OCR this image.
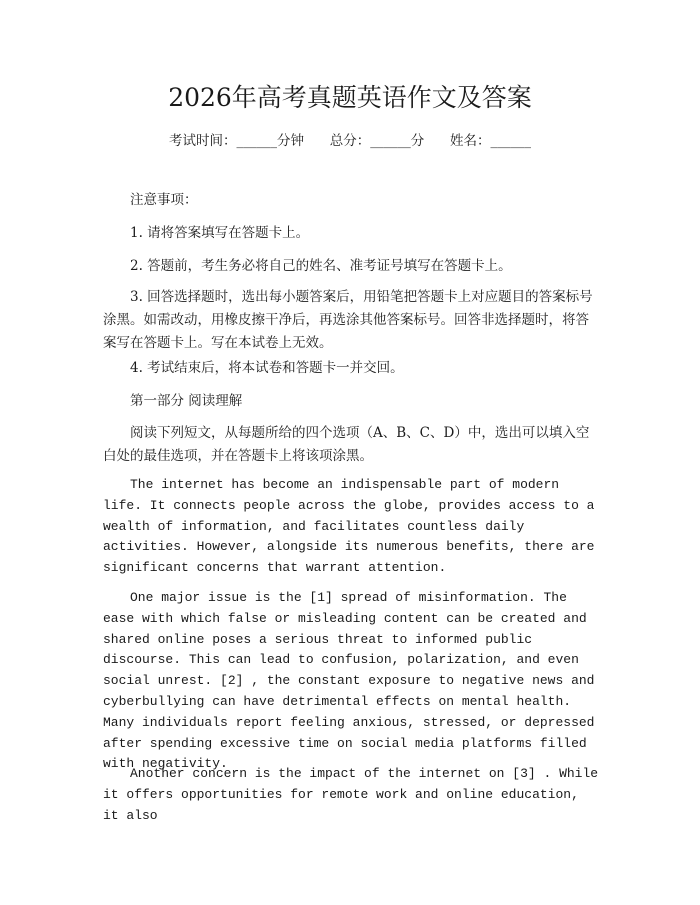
2026年高考真题英语作文及答案
考试时间：______分钟      总分：______分      姓名：______

注意事项：

1. 请将答案填写在答题卡上。

2. 答题前，考生务必将自己的姓名、准考证号填写在答题卡上。

3. 回答选择题时，选出每小题答案后，用铅笔把答题卡上对应题目的答案标号涂黑。如需改动，用橡皮擦干净后，再选涂其他答案标号。回答非选择题时，将答案写在答题卡上。写在本试卷上无效。

4. 考试结束后，将本试卷和答题卡一并交回。

第一部分 阅读理解

阅读下列短文，从每题所给的四个选项（A、B、C、D）中，选出可以填入空白处的最佳选项，并在答题卡上将该项涂黑。

The internet has become an indispensable part of modern life. It connects people across the globe, provides access to a wealth of information, and facilitates countless daily activities. However, alongside its numerous benefits, there are significant concerns that warrant attention.

One major issue is the [1] spread of misinformation. The ease with which false or misleading content can be created and shared online poses a serious threat to informed public discourse. This can lead to confusion, polarization, and even social unrest. [2] , the constant exposure to negative news and cyberbullying can have detrimental effects on mental health. Many individuals report feeling anxious, stressed, or depressed after spending excessive time on social media platforms filled with negativity.

Another concern is the impact of the internet on [3] . While it offers opportunities for remote work and online education, it also
